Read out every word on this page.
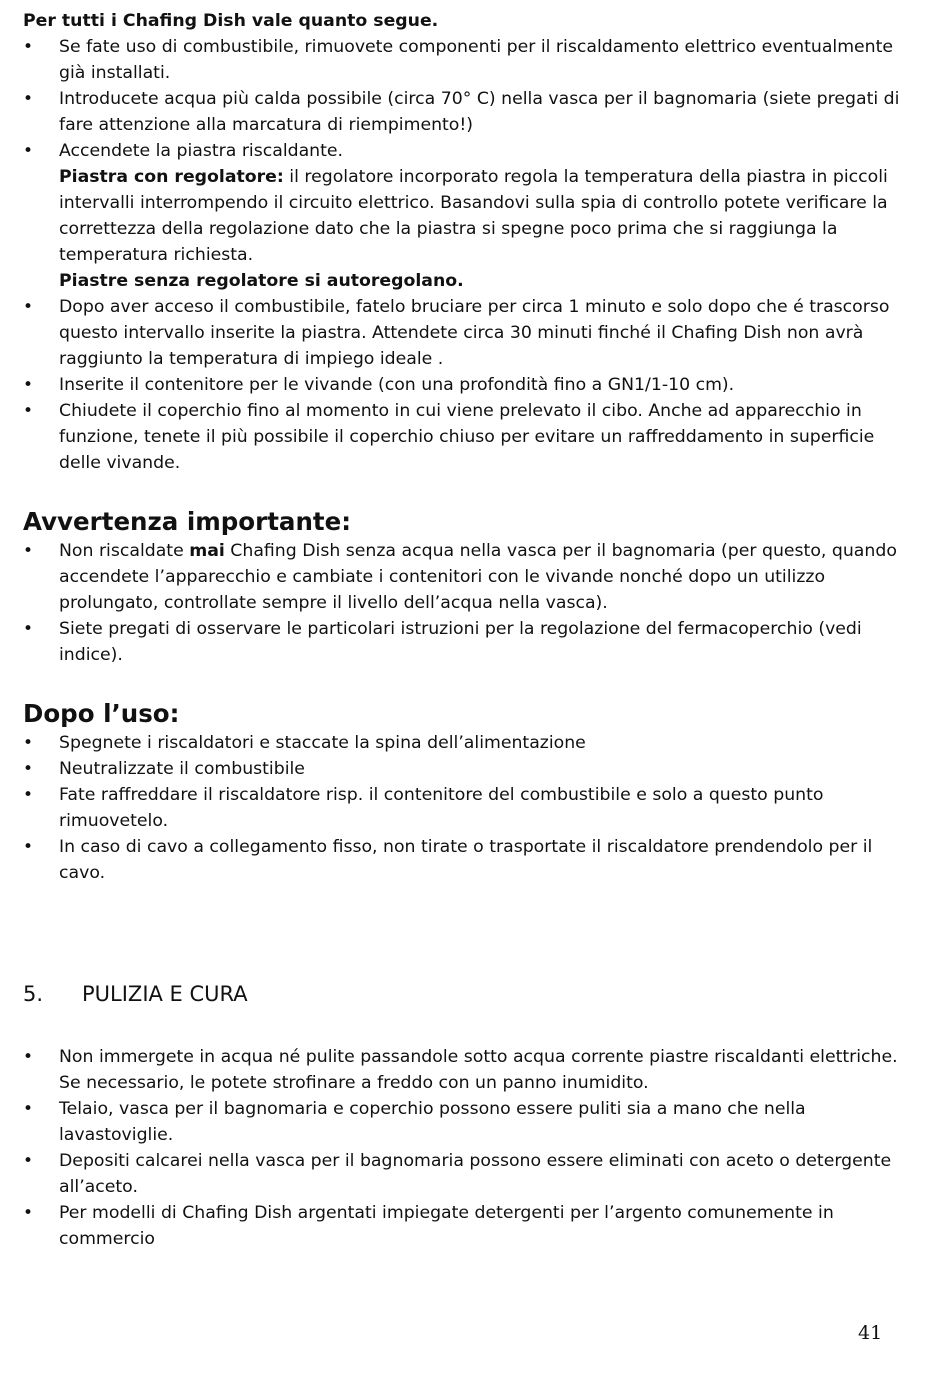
Per tutti i Chafing Dish vale quanto segue.
• Se fate uso di combustibile, rimuovete componenti per il riscaldamento elettrico eventualmente già installati.
• Introducete acqua più calda possibile (circa 70° C) nella vasca per il bagnomaria (siete pregati di fare attenzione alla marcatura di riempimento!)
• Accendete la piastra riscaldante.
Piastra con regolatore: il regolatore incorporato regola la temperatura della piastra in piccoli intervalli interrompendo il circuito elettrico. Basandovi sulla spia di controllo potete verificare la correttezza della regolazione dato che la piastra si spegne poco prima che si raggiunga la temperatura richiesta.
Piastre senza regolatore si autoregolano.
• Dopo aver acceso il combustibile, fatelo bruciare per circa 1 minuto e solo dopo che é trascorso questo intervallo inserite la piastra. Attendete circa 30 minuti finché il Chafing Dish non avrà raggiunto la temperatura di impiego ideale .
• Inserite il contenitore per le vivande (con una profondità fino a GN1/1-10 cm).
• Chiudete il coperchio fino al momento in cui viene prelevato il cibo. Anche ad apparecchio in funzione, tenete il più possibile il coperchio chiuso per evitare un raffreddamento in superficie delle vivande.
Avvertenza importante:
• Non riscaldate mai Chafing Dish senza acqua nella vasca per il bagnomaria (per questo, quando accendete l’apparecchio e cambiate i contenitori con le vivande nonché dopo un utilizzo prolungato, controllate sempre il livello dell’acqua nella vasca).
• Siete pregati di osservare le particolari istruzioni per la regolazione del fermacoperchio (vedi indice).
Dopo l’uso:
• Spegnete i riscaldatori e staccate la spina dell’alimentazione
• Neutralizzate il combustibile
• Fate raffreddare il riscaldatore risp. il contenitore del combustibile e solo a questo punto rimuovetelo.
• In caso di cavo a collegamento fisso, non tirate o trasportate il riscaldatore prendendolo per il cavo.
5.	PULIZIA E CURA
• Non immergete in acqua né pulite passandole sotto acqua corrente piastre riscaldanti elettriche. Se necessario, le potete strofinare a freddo con un panno inumidito.
• Telaio, vasca per il bagnomaria e coperchio possono essere puliti sia a mano che nella lavastoviglie.
• Depositi calcarei nella vasca per il bagnomaria possono essere eliminati con aceto o detergente all’aceto.
• Per modelli di Chafing Dish argentati impiegate detergenti per l’argento comunemente in commercio
41
